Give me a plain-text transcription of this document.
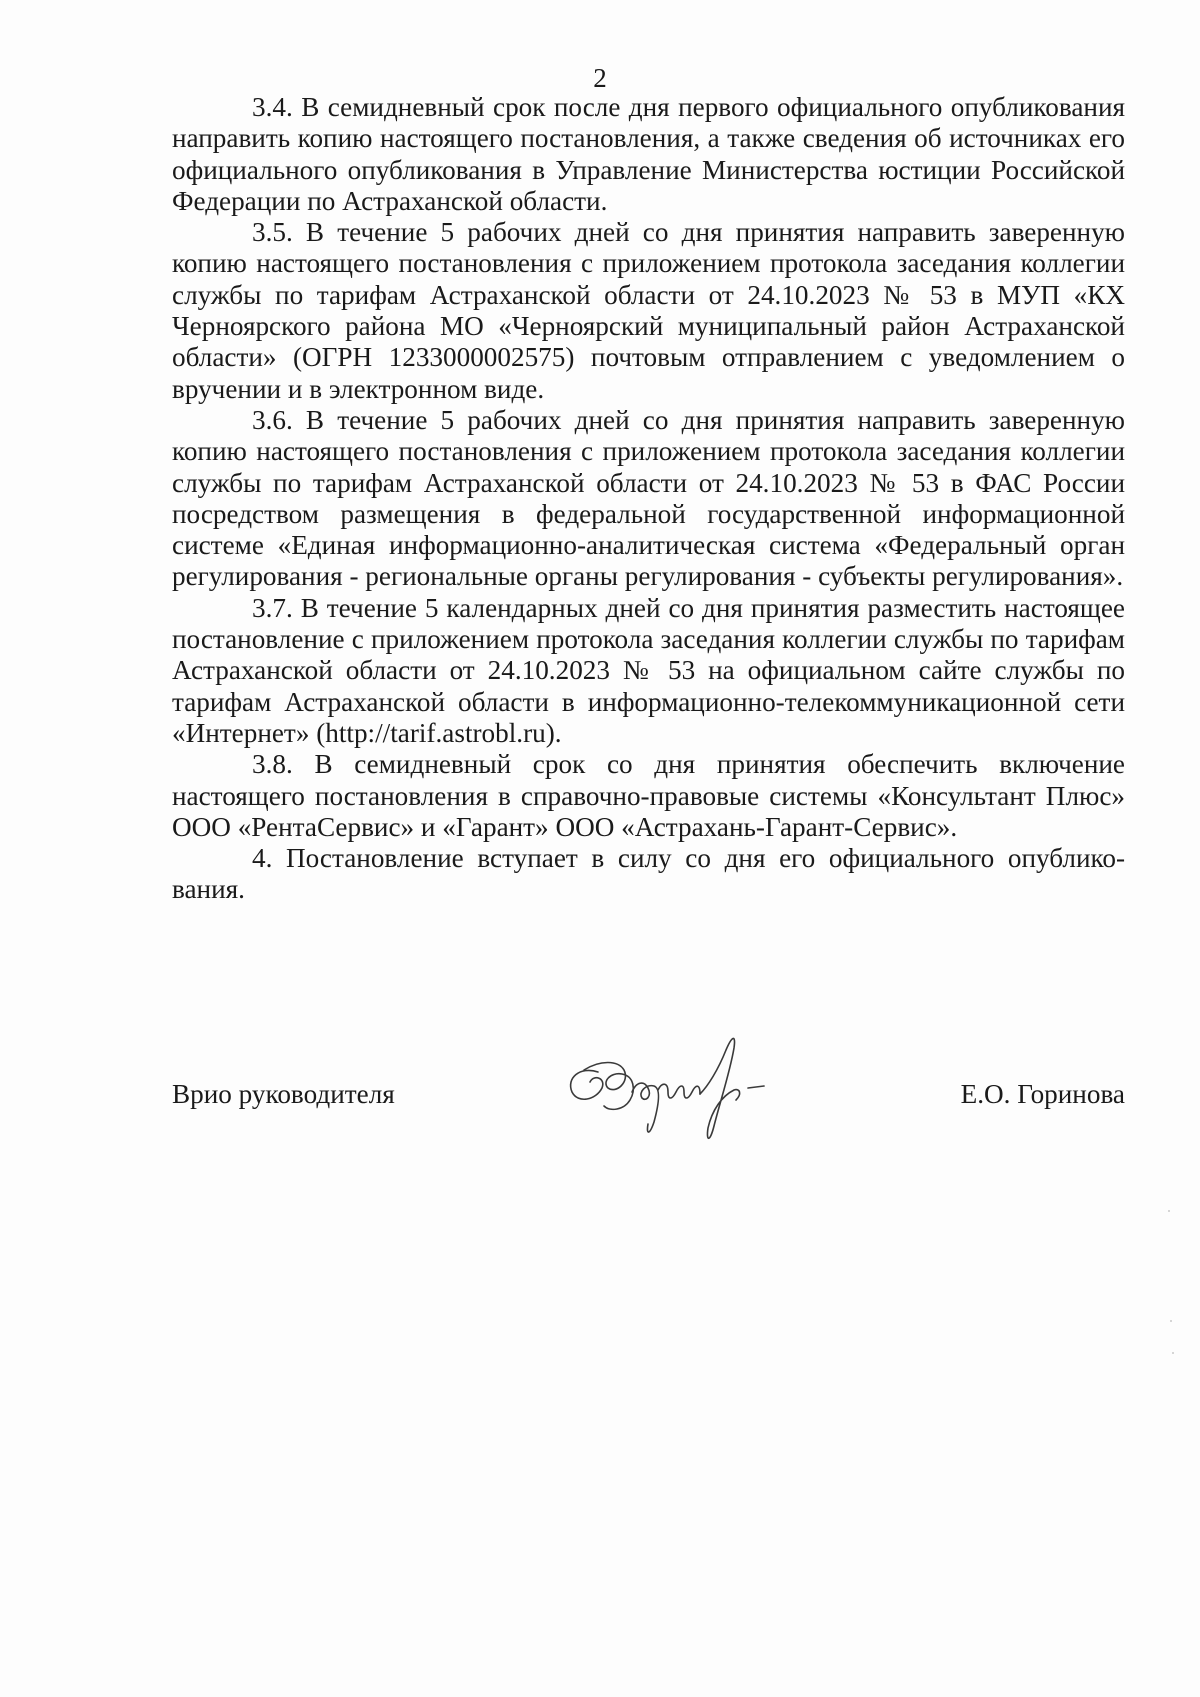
2

3.4. В семидневный срок после дня первого официального опубликования направить копию настоящего постановления, а также сведения об источниках его официального опубликования в Управление Министерства юстиции Российской Федерации по Астраханской области.

3.5. В течение 5 рабочих дней со дня принятия направить заверенную копию настоящего постановления с приложением протокола заседания коллегии службы по тарифам Астраханской области от 24.10.2023 № 53 в МУП «КХ Черноярского района МО «Черноярский муниципальный район Астраханской области» (ОГРН 1233000002575) почтовым отправлением с уведомлением о вручении и в электронном виде.

3.6. В течение 5 рабочих дней со дня принятия направить заверенную копию настоящего постановления с приложением протокола заседания коллегии службы по тарифам Астраханской области от 24.10.2023 № 53 в ФАС России посредством размещения в федеральной государственной информационной системе «Единая информационно-аналитическая система «Федеральный орган регулирования - региональные органы регулирования - субъекты регулирования».

3.7. В течение 5 календарных дней со дня принятия разместить настоящее постановление с приложением протокола заседания коллегии службы по тарифам Астраханской области от 24.10.2023 № 53 на официальном сайте службы по тарифам Астраханской области в информационно-телекоммуникационной сети «Интернет» (http://tarif.astrobl.ru).

3.8. В семидневный срок со дня принятия обеспечить включение настоящего постановления в справочно-правовые системы «Консультант Плюс» ООО «РентаСервис» и «Гарант» ООО «Астрахань-Гарант-Сервис».

4. Постановление вступает в силу со дня его официального опубликования.

Врио руководителя	Е.О. Горинова
